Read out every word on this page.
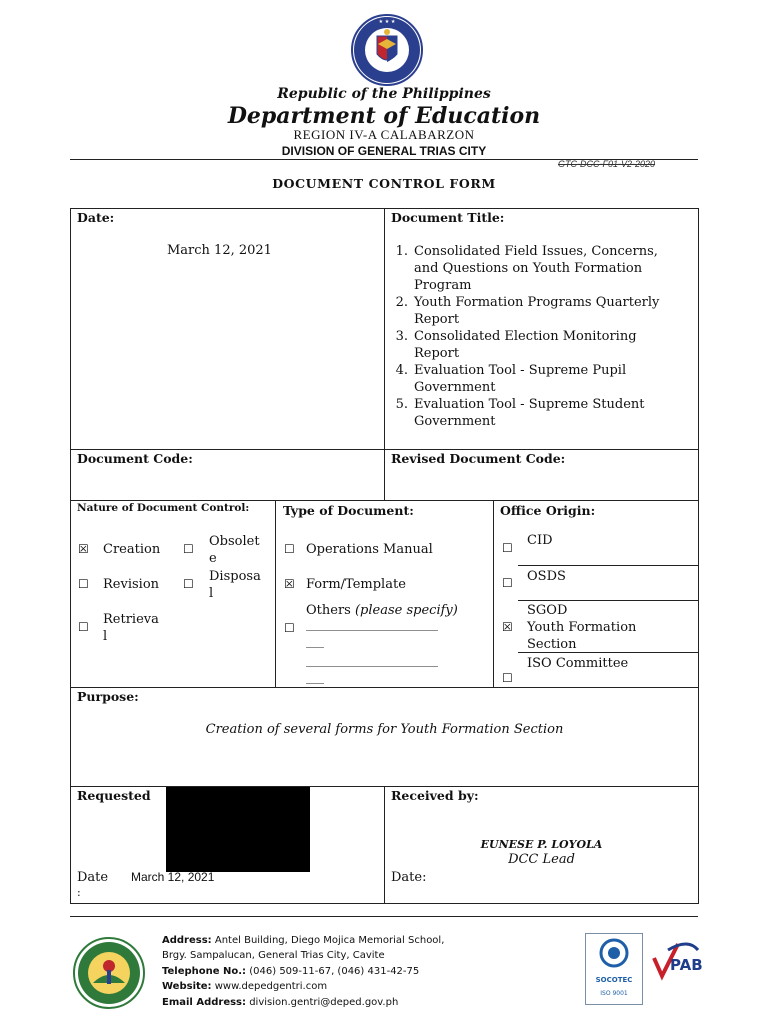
★ ★ ★
Republic of the Philippines
Department of Education
REGION IV-A CALABARZON
DIVISION OF GENERAL TRIAS CITY
GTC-DCC-F01-V2-2020
DOCUMENT CONTROL FORM
Date:
March 12, 2021
Document Title:
1. Consolidated Field Issues, Concerns, and Questions on Youth Formation Program
2. Youth Formation Programs Quarterly Report
3. Consolidated Election Monitoring Report
4. Evaluation Tool - Supreme Pupil Government
5. Evaluation Tool - Supreme Student Government
Document Code:	Revised Document Code:
Nature of Document Control:
☒ Creation
☐ Revision
☐ Retrieva
l
☐ Obsolet
e
☐ Disposa
l
Type of Document:
☐ Operations Manual
☒ Form/Template
Others (please specify)
☐ ______________________
___
______________________
___
Office Origin:
☐ CID
☐ OSDS
SGOD
☒ Youth Formation
Section
ISO Committee
☐
Purpose:
Creation of several forms for Youth Formation Section
Requested
Date
:
March 12, 2021
Received by:
EUNESE P. LOYOLA
DCC Lead
Date:
Address: Antel Building, Diego Mojica Memorial School,
Brgy. Sampalucan, General Trias City, Cavite
Telephone No.: (046) 509-11-67, (046) 431-42-75
Website: www.depedgentri.com
Email Address: division.gentri@deped.gov.ph
SOCOTEC
ISO 9001
PAB
